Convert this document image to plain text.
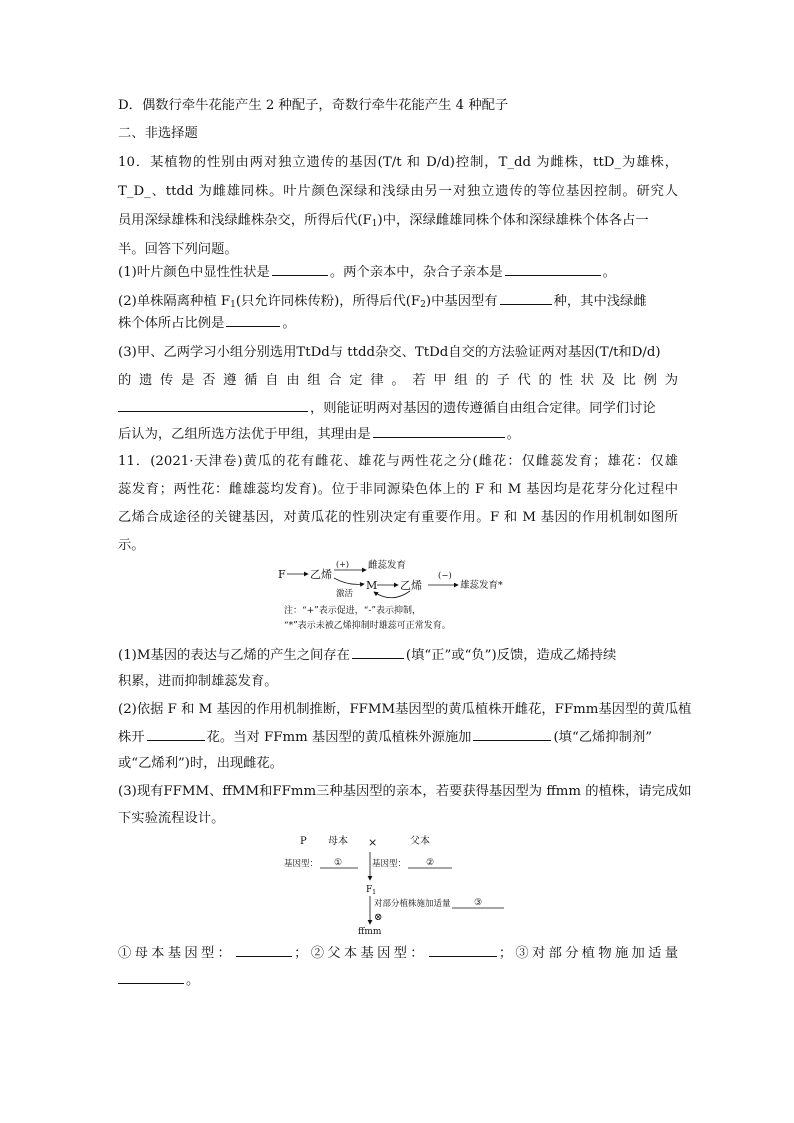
D．偶数行牵牛花能产生 2 种配子，奇数行牵牛花能产生 4 种配子
二、非选择题
10．某植物的性别由两对独立遗传的基因(T/t 和 D/d)控制，T_dd 为雌株，ttD_为雄株，
T_D_、ttdd 为雌雄同株。叶片颜色深绿和浅绿由另一对独立遗传的等位基因控制。研究人
员用深绿雄株和浅绿雌株杂交，所得后代$(F_1)$中，深绿雌雄同株个体和深绿雄株个体各占一
半。回答下列问题。
(1)叶片颜色中显性性状是	。两个亲本中，杂合子亲本是	。
(2)单株隔离种植 $F_1$(只允许同株传粉)，所得后代$(F_2)$中基因型有	种，其中浅绿雌
株个体所占比例是	。
(3)甲、乙两学习小组分别选用TtDd与 ttdd杂交、TtDd自交的方法验证两对基因(T/t和D/d)
的 遗 传 是 否 遵 循 自 由 组 合 定 律 。 若 甲 组 的 子 代 的 性 状 及 比 例 为
，则能证明两对基因的遗传遵循自由组合定律。同学们讨论
后认为，乙组所选方法优于甲组，其理由是	。
11．(2021·天津卷)黄瓜的花有雌花、雄花与两性花之分(雌花：仅雌蕊发育；雄花：仅雄
蕊发育；两性花：雌雄蕊均发育)。位于非同源染色体上的 F 和 M 基因均是花芽分化过程中
乙烯合成途径的关键基因，对黄瓜花的性别决定有重要作用。F 和 M 基因的作用机制如图所
示。
F 乙烯
(+) 雌蕊发育
激活
M 乙烯
(−)
雄蕊发育*
注：“+”表示促进，“-”表示抑制，
“*”表示未被乙烯抑制时雄蕊可正常发育。
(1)M基因的表达与乙烯的产生之间存在	(填“正”或“负”)反馈，造成乙烯持续
积累，进而抑制雄蕊发育。
(2)依据 F 和 M 基因的作用机制推断，FFMM基因型的黄瓜植株开雌花，FFmm基因型的黄瓜植
株开	花。当对 FFmm 基因型的黄瓜植株外源施加	(填“乙烯抑制剂”
或“乙烯利”)时，出现雌花。
(3)现有FFMM、ffMM和FFmm三种基因型的亲本，若要获得基因型为 ffmm 的植株，请完成如
下实验流程设计。
P 母本 ×	父本
基因型： ①	基因型： ②
F 1
对部分植株施加适量	③
⊗
ffmm
①母本基因型：	；②父本基因型：	；③对部分植物施加适量
。
